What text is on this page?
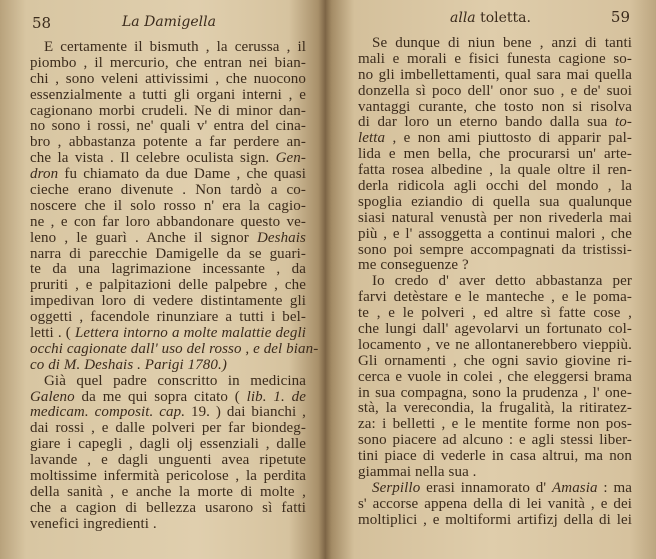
58	La Damigella
E certamente il bismuth , la cerussa , il
piombo , il mercurio, che entran nei bian-
chi , sono veleni attivissimi , che nuocono
essenzialmente a tutti gli organi interni , e
cagionano morbi crudeli. Ne di minor dan-
no sono i rossi, ne' quali v' entra del cina-
bro , abbastanza potente a far perdere an-
che la vista . Il celebre oculista sign. Gen-
dron fu chiamato da due Dame , che quasi
cieche erano divenute . Non tardò a co-
noscere che il solo rosso n' era la cagio-
ne , e con far loro abbandonare questo ve-
leno , le guarì . Anche il signor Deshais
narra di parecchie Damigelle da se guari-
te da una lagrimazione incessante , da
pruriti , e palpitazioni delle palpebre , che
impedivan loro di vedere distintamente gli
oggetti , facendole rinunziare a tutti i bel-
letti . ( Lettera intorno a molte malattie degli
occhi cagionate dall' uso del rosso , e del bian-
co di M. Deshais . Parigi 1780.)
Già quel padre conscritto in medicina
Galeno da me qui sopra citato ( lib. 1. de
medicam. composit. cap. 19. ) dai bianchi ,
dai rossi , e dalle polveri per far biondeg-
giare i capegli , dagli olj essenziali , dalle
lavande , e dagli unguenti avea ripetute
moltissime infermità pericolose , la perdita
della sanità , e anche la morte di molte ,
che a cagion di bellezza usarono sì fatti
venefici ingredienti .
alla toletta.	59
Se dunque di niun bene , anzi di tanti
mali e morali e fisici funesta cagione so-
no gli imbellettamenti, qual sara mai quella
donzella sì poco dell' onor suo , e de' suoi
vantaggi curante, che tosto non si risolva
di dar loro un eterno bando dalla sua to-
letta , e non ami piuttosto di apparir pal-
lida e men bella, che procurarsi un' arte-
fatta rosea albedine , la quale oltre il ren-
derla ridicola agli occhi del mondo , la
spoglia eziandio di quella sua qualunque
siasi natural venustà per non rivederla mai
più , e l' assoggetta a continui malori , che
sono poi sempre accompagnati da tristissi-
me conseguenze ?
Io credo d' aver detto abbastanza per
farvi detèstare e le manteche , e le poma-
te , e le polveri , ed altre sì fatte cose ,
che lungi dall' agevolarvi un fortunato col-
locamento , ve ne allontanerebbero vieppiù.
Gli ornamenti , che ogni savio giovine ri-
cerca e vuole in colei , che eleggersi brama
in sua compagna, sono la prudenza , l' one-
stà, la verecondia, la frugalità, la ritiratez-
za: i belletti , e le mentite forme non pos-
sono piacere ad alcuno : e agli stessi liber-
tini piace di vederle in casa altrui, ma non
giammai nella sua .
Serpillo erasi innamorato d' Amasia : ma
s' accorse appena della di lei vanità , e dei
moltiplici , e moltiformi artifizj della di lei
